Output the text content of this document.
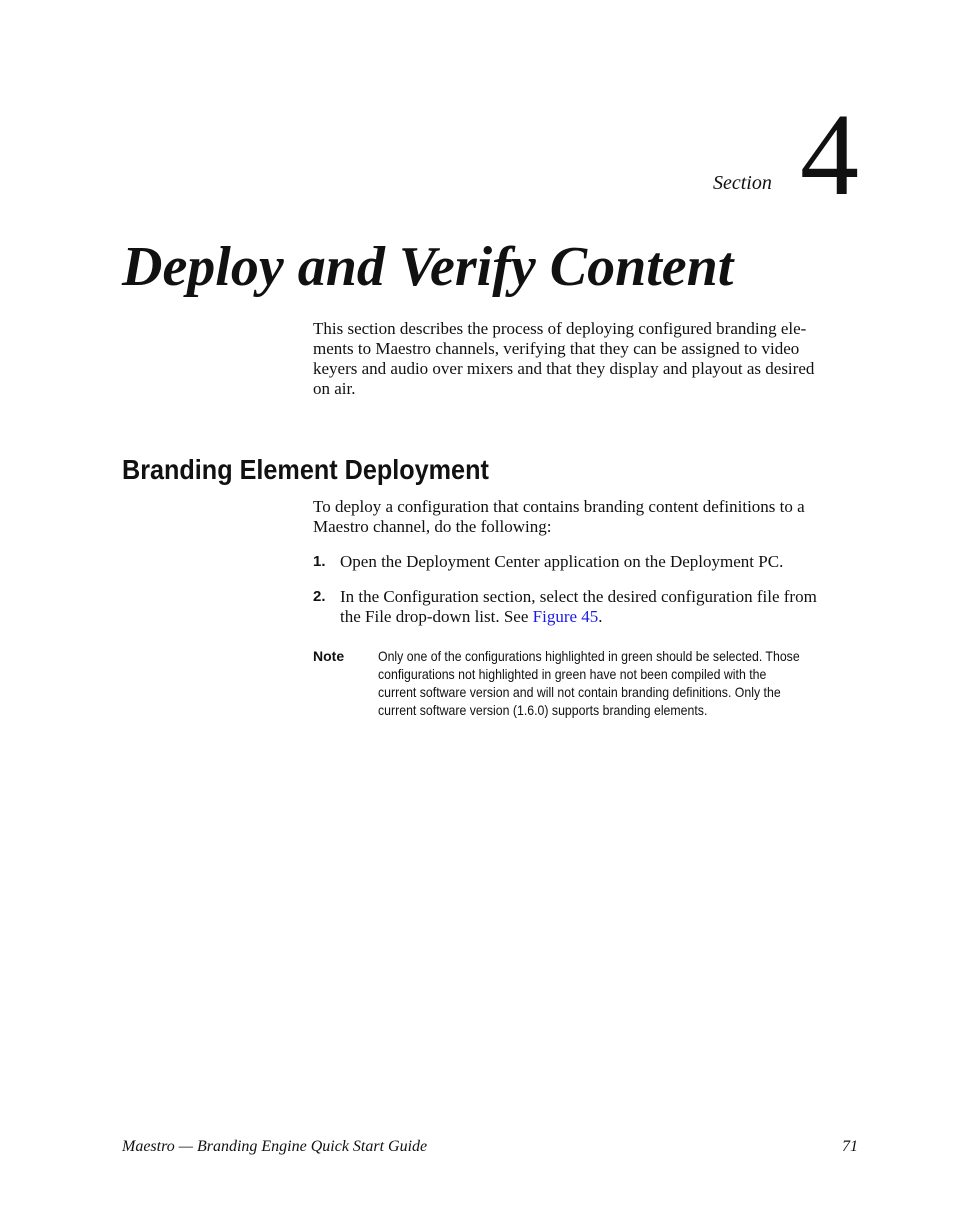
Section 4
Deploy and Verify Content

This section describes the process of deploying configured branding ele-
ments to Maestro channels, verifying that they can be assigned to video
keyers and audio over mixers and that they display and playout as desired
on air.

Branding Element Deployment

To deploy a configuration that contains branding content definitions to a
Maestro channel, do the following:

1. Open the Deployment Center application on the Deployment PC.
2. In the Configuration section, select the desired configuration file from
the File drop-down list. See Figure 45.
Note Only one of the configurations highlighted in green should be selected. Those
configurations not highlighted in green have not been compiled with the
current software version and will not contain branding definitions. Only the
current software version (1.6.0) supports branding elements.

Maestro — Branding Engine Quick Start Guide	71
